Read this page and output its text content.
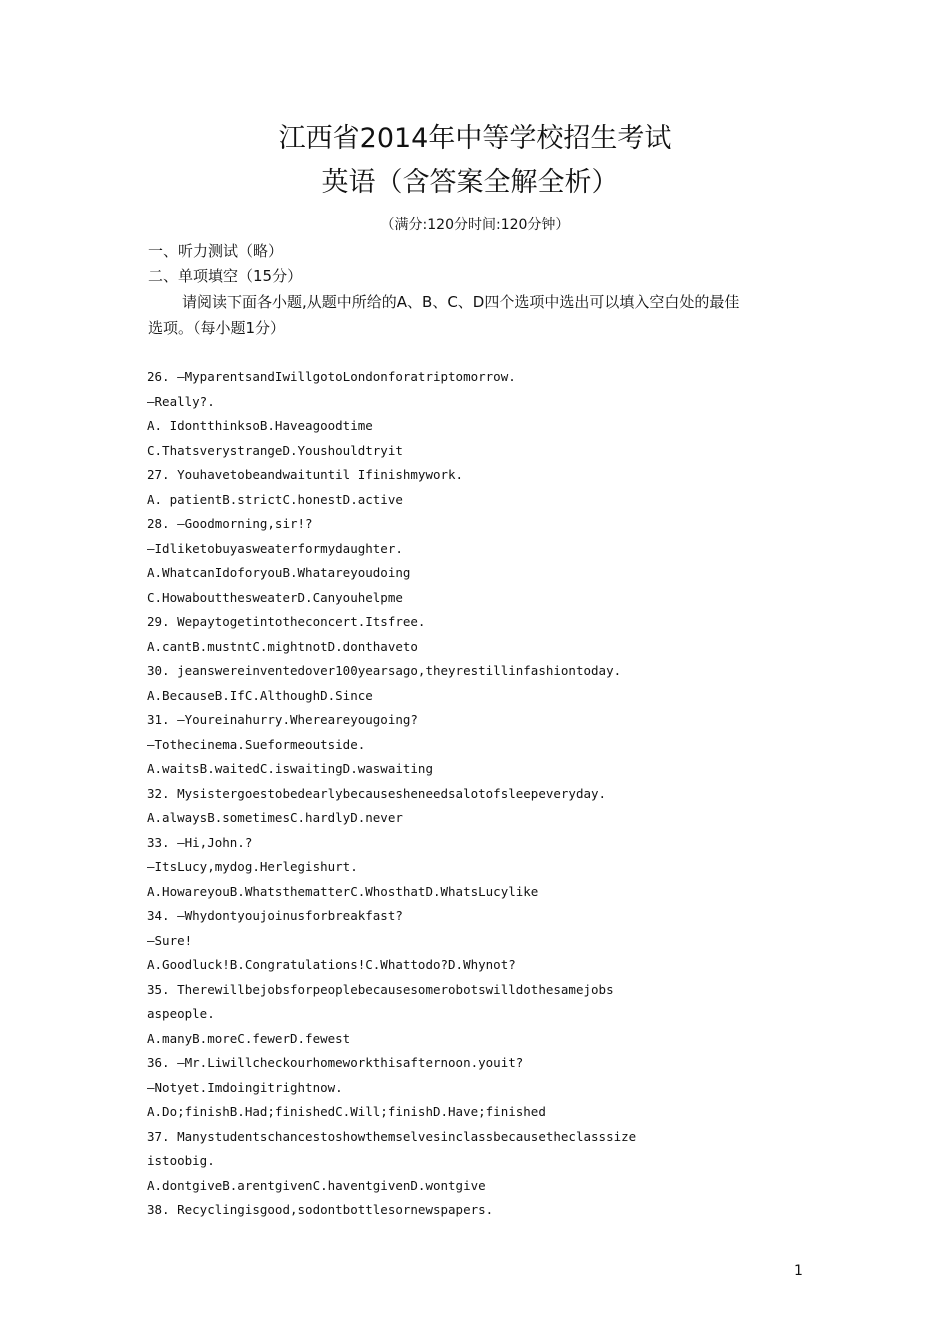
江西省2014年中等学校招生考试
英语（含答案全解全析）
（满分:120分时间:120分钟）
一、听力测试（略）
二、单项填空（15分）
请阅读下面各小题,从题中所给的A、B、C、D四个选项中选出可以填入空白处的最佳
选项。（每小题1分）
26. —MyparentsandIwillgotoLondonforatriptomorrow.
—Really?.
A. IdontthinksoB.Haveagoodtime
C.ThatsverystrangeD.Youshouldtryit
27. Youhavetobeandwaituntil Ifinishmywork.
A. patientB.strictC.honestD.active
28. —Goodmorning,sir!?
—Idliketobuyasweaterformydaughter.
A.WhatcanIdoforyouB.Whatareyoudoing
C.HowaboutthesweaterD.Canyouhelpme
29. Wepaytogetintotheconcert.Itsfree.
A.cantB.mustntC.mightnotD.donthaveto
30. jeanswereinventedover100yearsago,theyrestillinfashiontoday.
A.BecauseB.IfC.AlthoughD.Since
31. —Youreinahurry.Whereareyougoing?
—Tothecinema.Sueformeoutside.
A.waitsB.waitedC.iswaitingD.waswaiting
32. Mysistergoestobedearlybecausesheneedsalotofsleepeveryday.
A.alwaysB.sometimesC.hardlyD.never
33. —Hi,John.?
—ItsLucy,mydog.Herlegishurt.
A.HowareyouB.WhatsthematterC.WhosthatD.WhatsLucylike
34. —Whydontyoujoinusforbreakfast?
—Sure!
A.Goodluck!B.Congratulations!C.Whattodo?D.Whynot?
35. Therewillbejobsforpeoplebecausesomerobotswilldothesamejobs
aspeople.
A.manyB.moreC.fewerD.fewest
36. —Mr.Liwillcheckourhomeworkthisafternoon.youit?
—Notyet.Imdoingitrightnow.
A.Do;finishB.Had;finishedC.Will;finishD.Have;finished
37. Manystudentschancestoshowthemselvesinclassbecausetheclasssize
istoobig.
A.dontgiveB.arentgivenC.haventgivenD.wontgive
38. Recyclingisgood,sodontbottlesornewspapers.
1
